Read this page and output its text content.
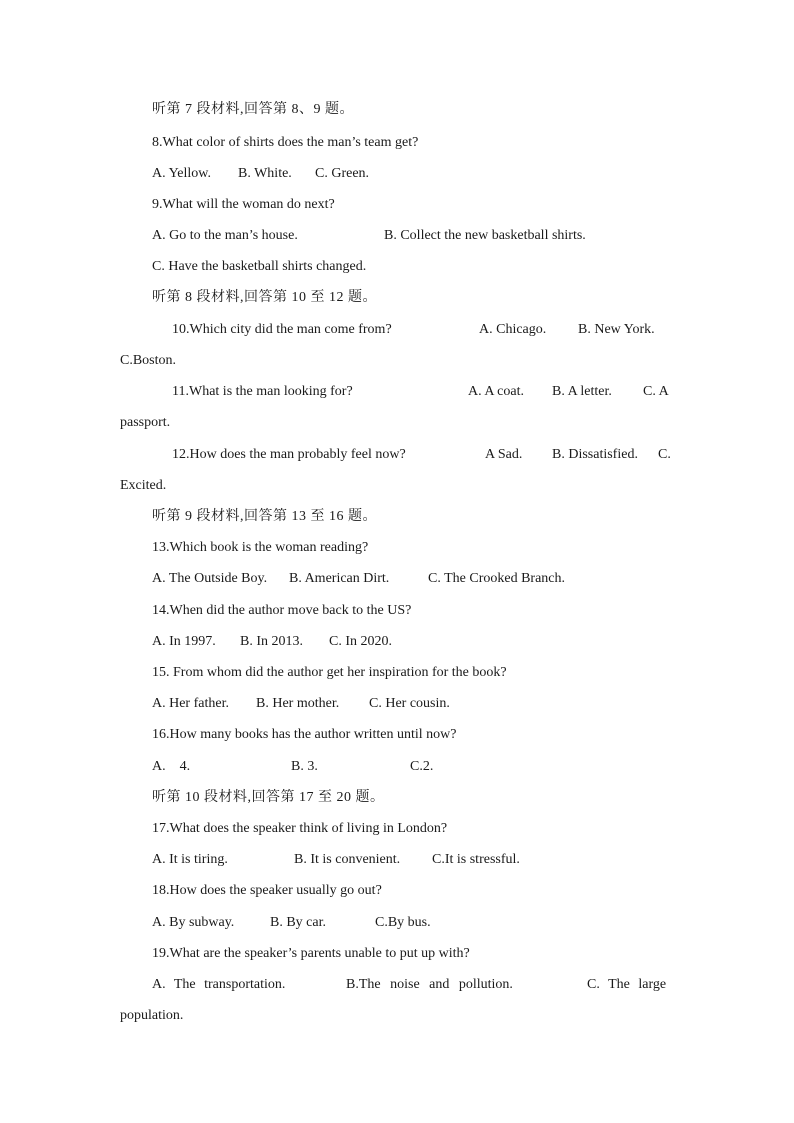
听第 7 段材料,回答第 8、9 题。
8.What color of shirts does the man’s team get?
A. Yellow. B. White. C. Green.
9.What will the woman do next?
A. Go to the man’s house.	B. Collect the new basketball shirts.
C. Have the basketball shirts changed.
听第 8 段材料,回答第 10 至 12 题。
10.Which city did the man come from?	A. Chicago. B. New York.
C.Boston.
11.What is the man looking for?	A. A coat. B. A letter. C. A
passport.
12.How does the man probably feel now?	A Sad. B. Dissatisfied. C.
Excited.
听第 9 段材料,回答第 13 至 16 题。
13.Which book is the woman reading?
A. The Outside Boy. B. American Dirt.	C. The Crooked Branch.
14.When did the author move back to the US?
A. In 1997. B. In 2013. C. In 2020.
15. From whom did the author get her inspiration for the book?
A. Her father. B. Her mother. C. Her cousin.
16.How many books has the author written until now?
A.    4.	B. 3.	C.2.
听第 10 段材料,回答第 17 至 20 题。
17.What does the speaker think of living in London?
A. It is tiring.	B. It is convenient. C.It is stressful.
18.How does the speaker usually go out?
A. By subway.	B. By car.	C.By bus.
19.What are the speaker’s parents unable to put up with?
A. The transportation.	B.The noise and pollution.	C. The large
population.
